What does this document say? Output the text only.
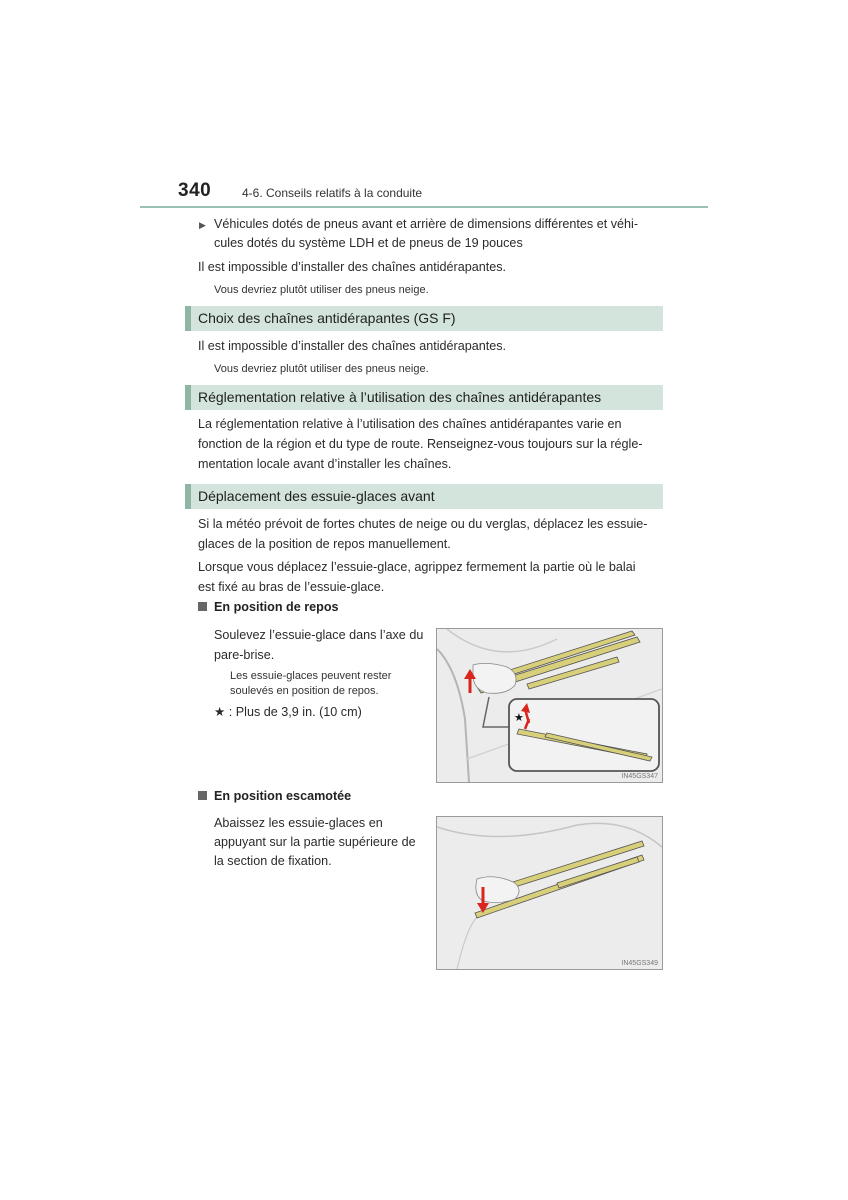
340	4-6. Conseils relatifs à la conduite
▶ Véhicules dotés de pneus avant et arrière de dimensions différentes et véhi-
cules dotés du système LDH et de pneus de 19 pouces
Il est impossible d’installer des chaînes antidérapantes.
Vous devriez plutôt utiliser des pneus neige.
Choix des chaînes antidérapantes (GS F)
Il est impossible d’installer des chaînes antidérapantes.
Vous devriez plutôt utiliser des pneus neige.
Réglementation relative à l’utilisation des chaînes antidérapantes
La réglementation relative à l’utilisation des chaînes antidérapantes varie en
fonction de la région et du type de route. Renseignez-vous toujours sur la régle-
mentation locale avant d’installer les chaînes.
Déplacement des essuie-glaces avant
Si la météo prévoit de fortes chutes de neige ou du verglas, déplacez les essuie-
glaces de la position de repos manuellement.
Lorsque vous déplacez l’essuie-glace, agrippez fermement la partie où le balai
est fixé au bras de l’essuie-glace.
En position de repos
Soulevez l’essuie-glace dans l’axe du
pare-brise.
Les essuie-glaces peuvent rester
soulevés en position de repos.
★ : Plus de 3,9 in. (10 cm)	★
IN45GS347
En position escamotée
Abaissez les essuie-glaces en
appuyant sur la partie supérieure de
la section de fixation.
IN45GS349
